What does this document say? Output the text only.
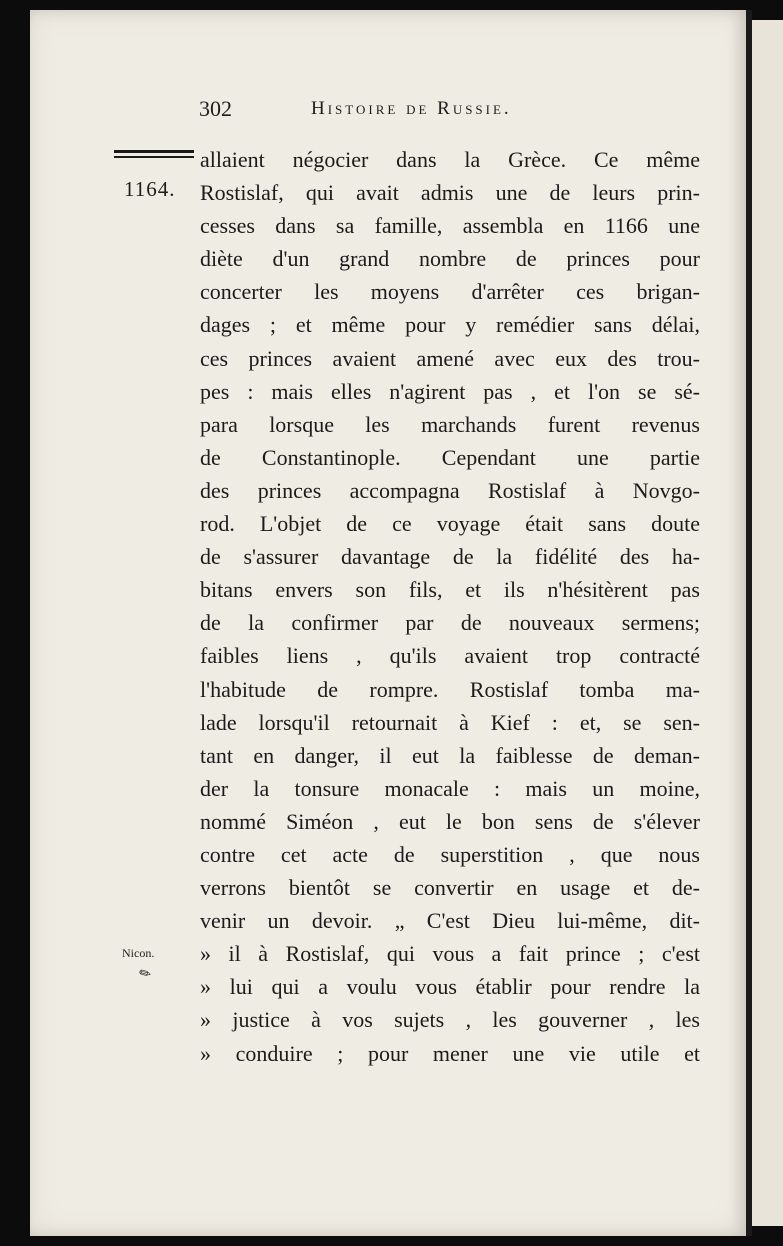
302	Histoire de Russie.
1164.
Nicon.
✎
allaient négocier dans la Grèce. Ce même
Rostislaf, qui avait admis une de leurs prin-
cesses dans sa famille, assembla en 1166 une
diète d'un grand nombre de princes pour
concerter les moyens d'arrêter ces brigan-
dages ; et même pour y remédier sans délai,
ces princes avaient amené avec eux des trou-
pes : mais elles n'agirent pas , et l'on se sé-
para lorsque les marchands furent revenus
de Constantinople. Cependant une partie
des princes accompagna Rostislaf à Novgo-
rod. L'objet de ce voyage était sans doute
de s'assurer davantage de la fidélité des ha-
bitans envers son fils, et ils n'hésitèrent pas
de la confirmer par de nouveaux sermens;
faibles liens , qu'ils avaient trop contracté
l'habitude de rompre. Rostislaf tomba ma-
lade lorsqu'il retournait à Kief : et, se sen-
tant en danger, il eut la faiblesse de deman-
der la tonsure monacale : mais un moine,
nommé Siméon , eut le bon sens de s'élever
contre cet acte de superstition , que nous
verrons bientôt se convertir en usage et de-
venir un devoir. „ C'est Dieu lui-même, dit-
» il à Rostislaf, qui vous a fait prince ; c'est
» lui qui a voulu vous établir pour rendre la
» justice à vos sujets , les gouverner , les
» conduire ; pour mener une vie utile et
